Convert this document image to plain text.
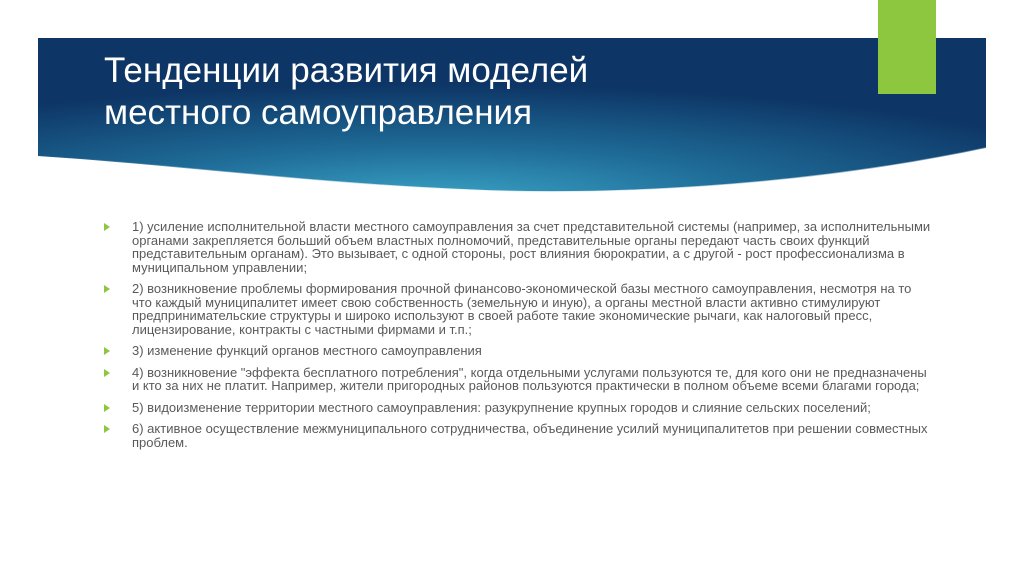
Тенденции развития моделей
местного самоуправления
1) усиление исполнительной власти местного самоуправления за счет представительной системы (например, за исполнительными органами закрепляется больший объем властных полномочий, представительные органы передают часть своих функций представительным органам). Это вызывает, с одной стороны, рост влияния бюрократии, а с другой - рост профессионализма в муниципальном управлении;
2) возникновение проблемы формирования прочной финансово-экономической базы местного самоуправления, несмотря на то что каждый муниципалитет имеет свою собственность (земельную и иную), а органы местной власти активно стимулируют предпринимательские структуры и широко используют в своей работе такие экономические рычаги, как налоговый пресс, лицензирование, контракты с частными фирмами и т.п.;
3) изменение функций органов местного самоуправления
4) возникновение "эффекта бесплатного потребления", когда отдельными услугами пользуются те, для кого они не предназначены и кто за них не платит. Например, жители пригородных районов пользуются практически в полном объеме всеми благами города;
5) видоизменение территории местного самоуправления: разукрупнение крупных городов и слияние сельских поселений;
6) активное осуществление межмуниципального сотрудничества, объединение усилий муниципалитетов при решении совместных проблем.
